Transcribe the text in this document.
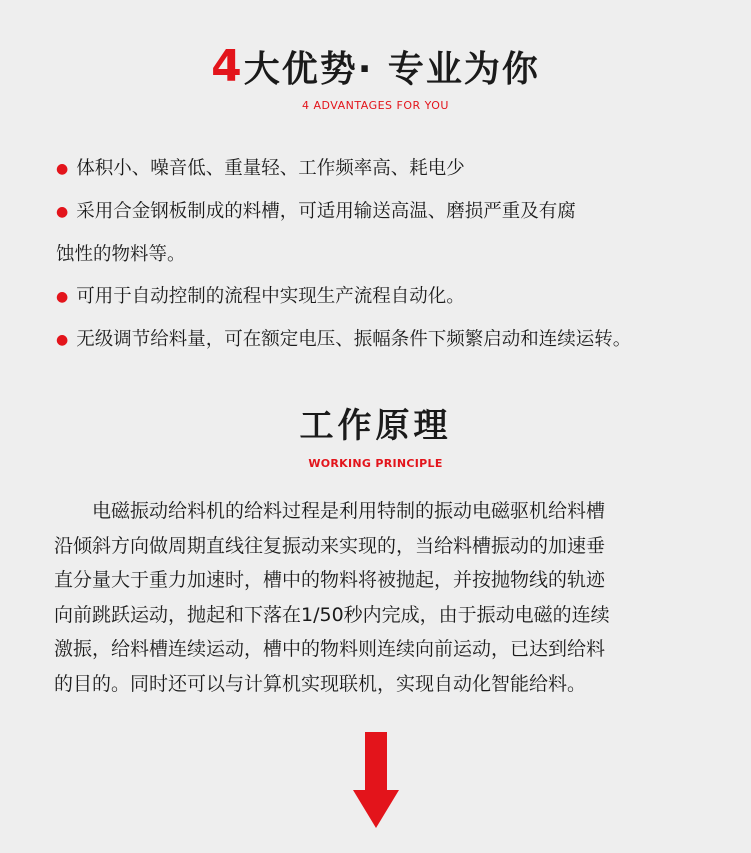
4大优势· 专业为你
4 ADVANTAGES FOR YOU
● 体积小、噪音低、重量轻、工作频率高、耗电少
● 采用合金钢板制成的料槽，可适用输送高温、磨损严重及有腐
蚀性的物料等。
● 可用于自动控制的流程中实现生产流程自动化。
● 无级调节给料量，可在额定电压、振幅条件下频繁启动和连续运转。
工作原理
WORKING PRINCIPLE
电磁振动给料机的给料过程是利用特制的振动电磁驱机给料槽
沿倾斜方向做周期直线往复振动来实现的，当给料槽振动的加速垂
直分量大于重力加速时，槽中的物料将被抛起，并按抛物线的轨迹
向前跳跃运动，抛起和下落在1/50秒内完成，由于振动电磁的连续
激振，给料槽连续运动，槽中的物料则连续向前运动，已达到给料
的目的。同时还可以与计算机实现联机，实现自动化智能给料。
